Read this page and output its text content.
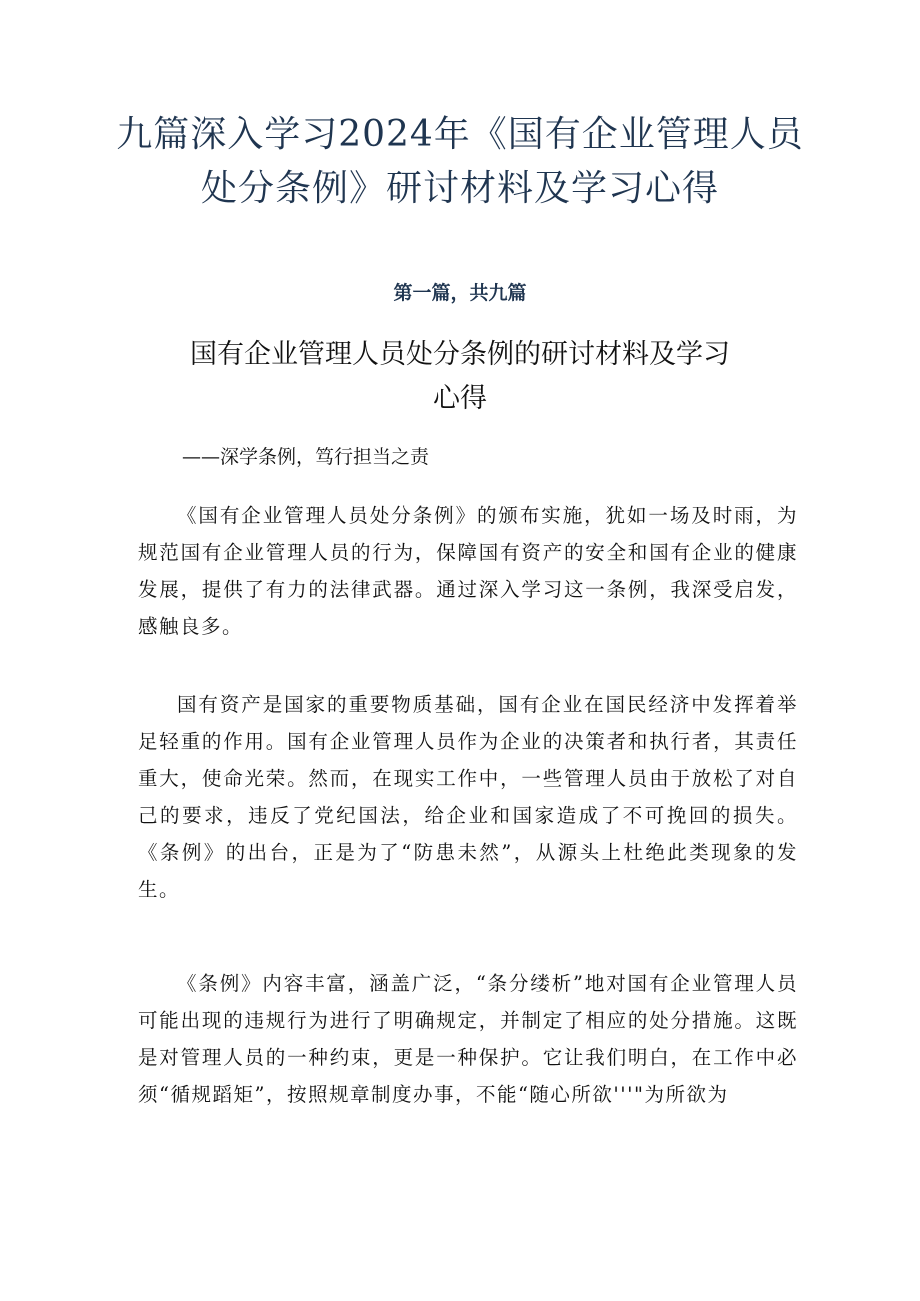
九篇深入学习2024年《国有企业管理人员
处分条例》研讨材料及学习心得

第一篇，共九篇

国有企业管理人员处分条例的研讨材料及学习
心得

——深学条例，笃行担当之责

《国有企业管理人员处分条例》的颁布实施，犹如一场及时雨，为规范国有企业管理人员的行为，保障国有资产的安全和国有企业的健康发展，提供了有力的法律武器。通过深入学习这一条例，我深受启发，感触良多。

国有资产是国家的重要物质基础，国有企业在国民经济中发挥着举足轻重的作用。国有企业管理人员作为企业的决策者和执行者，其责任重大，使命光荣。然而，在现实工作中，一些管理人员由于放松了对自己的要求，违反了党纪国法，给企业和国家造成了不可挽回的损失。《条例》的出台，正是为了“防患未然”，从源头上杜绝此类现象的发生。

《条例》内容丰富，涵盖广泛，“条分缕析”地对国有企业管理人员可能出现的违规行为进行了明确规定，并制定了相应的处分措施。这既是对管理人员的一种约束，更是一种保护。它让我们明白，在工作中必须“循规蹈矩”，按照规章制度办事，不能“随心所欲'''"为所欲为
